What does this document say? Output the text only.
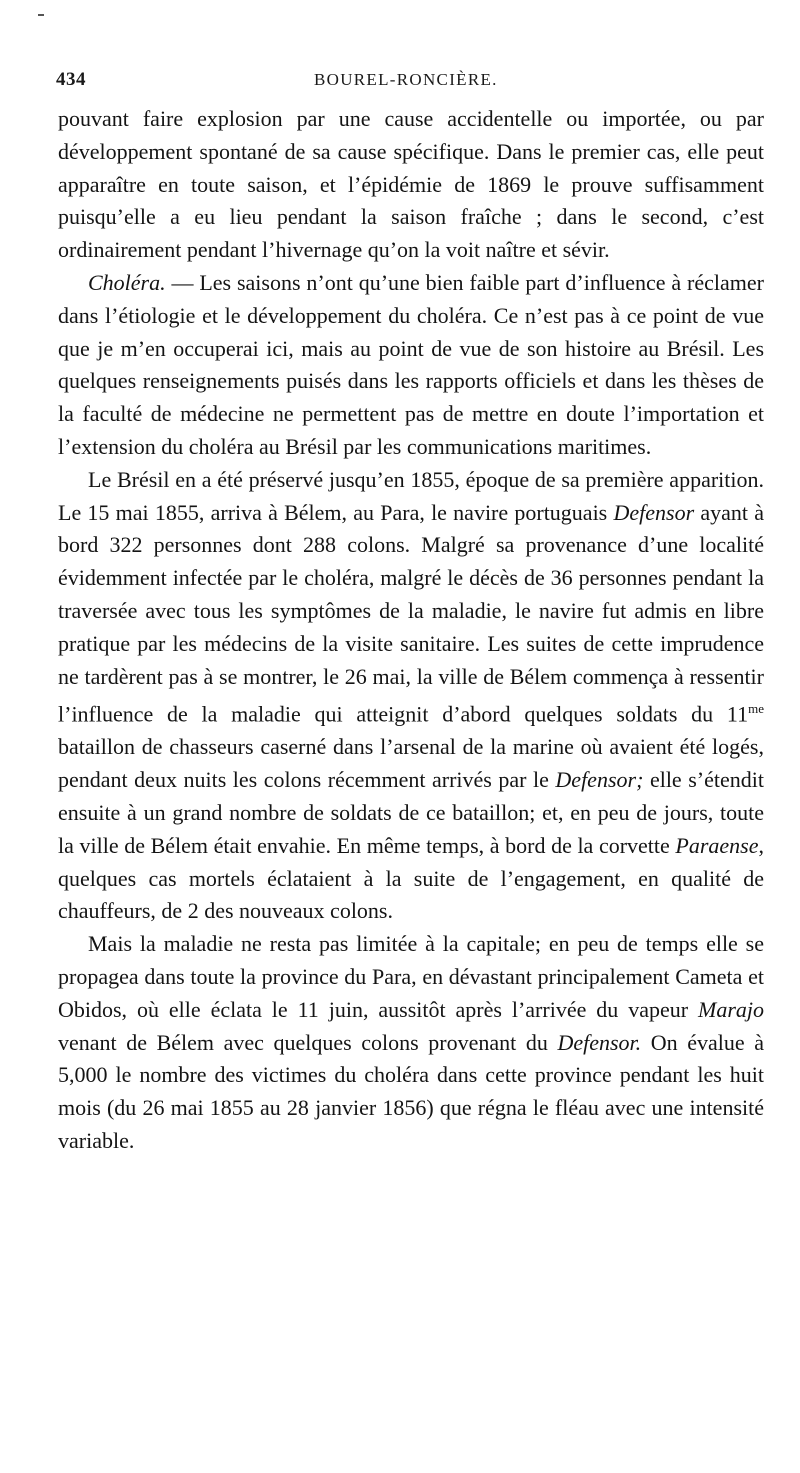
434	BOUREL-RONCIÈRE.

pouvant faire explosion par une cause accidentelle ou importée, ou par développement spontané de sa cause spécifique. Dans le premier cas, elle peut apparaître en toute saison, et l’épidémie de 1869 le prouve suffisamment puisqu’elle a eu lieu pendant la saison fraîche ; dans le second, c’est ordinairement pendant l’hivernage qu’on la voit naître et sévir.

Choléra. — Les saisons n’ont qu’une bien faible part d’influence à réclamer dans l’étiologie et le développement du choléra. Ce n’est pas à ce point de vue que je m’en occuperai ici, mais au point de vue de son histoire au Brésil. Les quelques renseignements puisés dans les rapports officiels et dans les thèses de la faculté de médecine ne permettent pas de mettre en doute l’importation et l’extension du choléra au Brésil par les communications maritimes.

Le Brésil en a été préservé jusqu’en 1855, époque de sa première apparition. Le 15 mai 1855, arriva à Bélem, au Para, le navire portuguais Defensor ayant à bord 322 personnes dont 288 colons. Malgré sa provenance d’une localité évidemment infectée par le choléra, malgré le décès de 36 personnes pendant la traversée avec tous les symptômes de la maladie, le navire fut admis en libre pratique par les médecins de la visite sanitaire. Les suites de cette imprudence ne tardèrent pas à se montrer, le 26 mai, la ville de Bélem commença à ressentir l’influence de la maladie qui atteignit d’abord quelques soldats du $11^{me}$ bataillon de chasseurs caserné dans l’arsenal de la marine où avaient été logés, pendant deux nuits les colons récemment arrivés par le Defensor; elle s’étendit ensuite à un grand nombre de soldats de ce bataillon; et, en peu de jours, toute la ville de Bélem était envahie. En même temps, à bord de la corvette Paraense, quelques cas mortels éclataient à la suite de l’engagement, en qualité de chauffeurs, de 2 des nouveaux colons.

Mais la maladie ne resta pas limitée à la capitale; en peu de temps elle se propagea dans toute la province du Para, en dévastant principalement Cameta et Obidos, où elle éclata le 11 juin, aussitôt après l’arrivée du vapeur Marajo venant de Bélem avec quelques colons provenant du Defensor. On évalue à 5,000 le nombre des victimes du choléra dans cette province pendant les huit mois (du 26 mai 1855 au 28 janvier 1856) que régna le fléau avec une intensité variable.
